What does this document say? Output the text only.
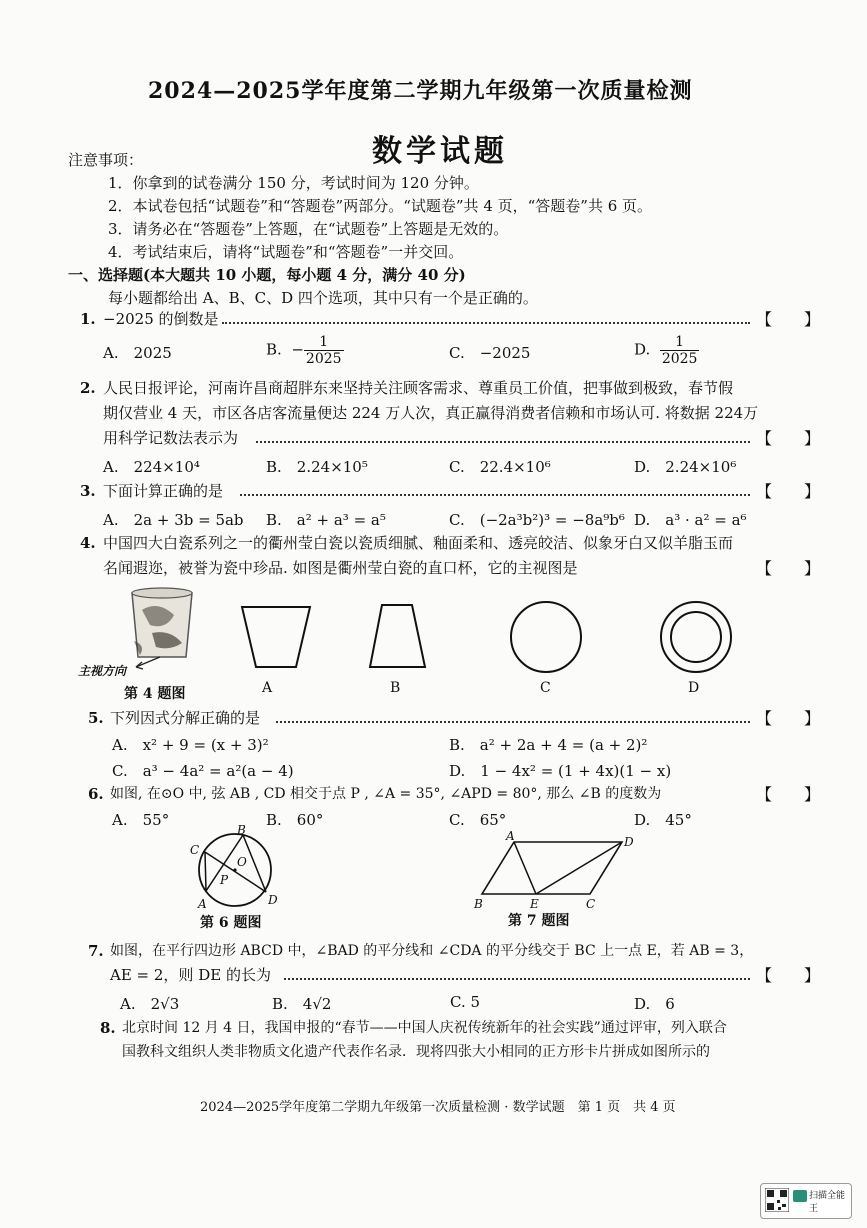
2024—2025学年度第二学期九年级第一次质量检测
数学试题
注意事项：
1．你拿到的试卷满分 150 分，考试时间为 120 分钟。
2．本试卷包括“试题卷”和“答题卷”两部分。“试题卷”共 4 页，“答题卷”共 6 页。
3．请务必在“答题卷”上答题，在“试题卷”上答题是无效的。
4．考试结束后，请将“试题卷”和“答题卷”一并交回。
一、选择题(本大题共 10 小题，每小题 4 分，满分 40 分)
每小题都给出 A、B、C、D 四个选项，其中只有一个是正确的。
1. −2025 的倒数是	【　　】
A.　2025	B. − $\frac{1}{2025}$	C.　−2025	D. $\frac{1}{2025}$
2. 人民日报评论，河南许昌商超胖东来坚持关注顾客需求、尊重员工价值，把事做到极致，春节假
期仅营业 4 天，市区各店客流量便达 224 万人次，真正赢得消费者信赖和市场认可. 将数据 224万
用科学记数法表示为	【　　】
A.　224×10⁴	B.　2.24×10⁵	C.　22.4×10⁶	D.　2.24×10⁶
3. 下面计算正确的是	【　　】
A.　2a + 3b = 5ab B.　a² + a³ = a⁵	C.　(−2a³b²)³ = −8a⁹b⁶ D.　a³ · a² = a⁶
4. 中国四大白瓷系列之一的衢州莹白瓷以瓷质细腻、釉面柔和、透亮皎洁、似象牙白又似羊脂玉而
名闻遐迩，被誉为瓷中珍品. 如图是衢州莹白瓷的直口杯，它的主视图是	【　　】
主视方向
第 4 题图	A	B	C	D
5. 下列因式分解正确的是	【　　】
A.　x² + 9 = (x + 3)²	B.　a² + 2a + 4 = (a + 2)²
C.　a³ − 4a² = a²(a − 4)	D.　1 − 4x² = (1 + 4x)(1 − x)
6. 如图, 在⊙O 中, 弦 AB , CD 相交于点 P , ∠A = 35°, ∠APD = 80°, 那么 ∠B 的度数为	【　　】
A.　55°	B.　60°	C.　65°	D.　45°
A
B
C
D
O
P
第 6 题图
A
B	C
D
E
第 7 题图
7. 如图，在平行四边形 ABCD 中，∠BAD 的平分线和 ∠CDA 的平分线交于 BC 上一点 E，若 AB = 3，
AE = 2，则 DE 的长为	【　　】
A.　2√3	B.　4√2	C. 5	D.　6
8. 北京时间 12 月 4 日，我国申报的“春节——中国人庆祝传统新年的社会实践”通过评审，列入联合
国教科文组织人类非物质文化遗产代表作名录．现将四张大小相同的正方形卡片拼成如图所示的
2024—2025学年度第二学期九年级第一次质量检测 · 数学试题　第 1 页　共 4 页
扫描全能王
